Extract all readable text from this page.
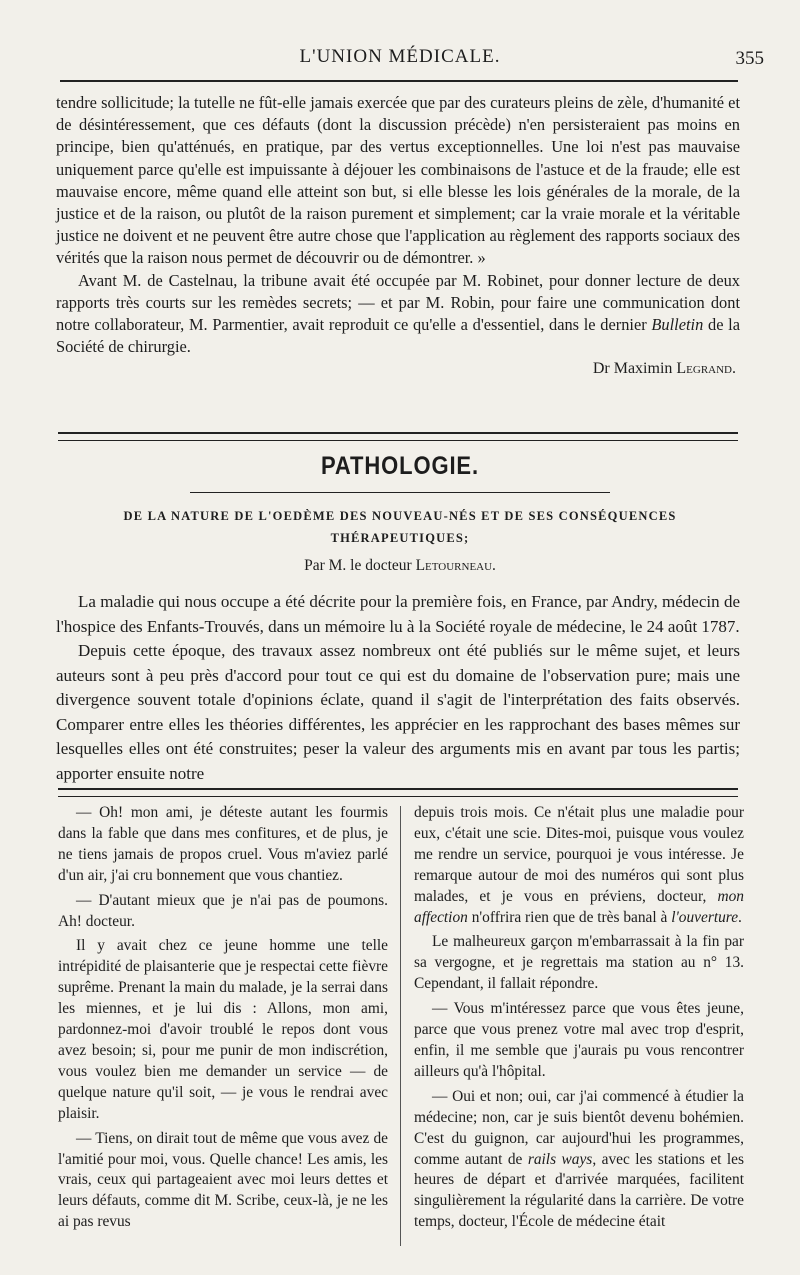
L'UNION MÉDICALE.	355

tendre sollicitude; la tutelle ne fût-elle jamais exercée que par des curateurs pleins de zèle, d'humanité et de désintéressement, que ces défauts (dont la discussion précède) n'en persisteraient pas moins en principe, bien qu'atténués, en pratique, par des vertus exceptionnelles. Une loi n'est pas mauvaise uniquement parce qu'elle est impuissante à déjouer les combinaisons de l'astuce et de la fraude; elle est mauvaise encore, même quand elle atteint son but, si elle blesse les lois générales de la morale, de la justice et de la raison, ou plutôt de la raison purement et simplement; car la vraie morale et la véritable justice ne doivent et ne peuvent être autre chose que l'application au règlement des rapports sociaux des vérités que la raison nous permet de découvrir ou de démontrer. »

Avant M. de Castelnau, la tribune avait été occupée par M. Robinet, pour donner lecture de deux rapports très courts sur les remèdes secrets; — et par M. Robin, pour faire une communication dont notre collaborateur, M. Parmentier, avait reproduit ce qu'elle a d'essentiel, dans le dernier Bulletin de la Société de chirurgie.

Dr Maximin Legrand.
PATHOLOGIE.
DE LA NATURE DE L'OEDÈME DES NOUVEAU-NÉS ET DE SES CONSÉQUENCES
THÉRAPEUTIQUES;
Par M. le docteur Letourneau.

La maladie qui nous occupe a été décrite pour la première fois, en France, par Andry, médecin de l'hospice des Enfants-Trouvés, dans un mémoire lu à la Société royale de médecine, le 24 août 1787.

Depuis cette époque, des travaux assez nombreux ont été publiés sur le même sujet, et leurs auteurs sont à peu près d'accord pour tout ce qui est du domaine de l'observation pure; mais une divergence souvent totale d'opinions éclate, quand il s'agit de l'interprétation des faits observés. Comparer entre elles les théories différentes, les apprécier en les rapprochant des bases mêmes sur lesquelles elles ont été construites; peser la valeur des arguments mis en avant par tous les partis; apporter ensuite notre

— Oh! mon ami, je déteste autant les fourmis dans la fable que dans mes confitures, et de plus, je ne tiens jamais de propos cruel. Vous m'aviez parlé d'un air, j'ai cru bonnement que vous chantiez.

— D'autant mieux que je n'ai pas de poumons. Ah! docteur.

Il y avait chez ce jeune homme une telle intrépidité de plaisanterie que je respectai cette fièvre suprême. Prenant la main du malade, je la serrai dans les miennes, et je lui dis : Allons, mon ami, pardonnez-moi d'avoir troublé le repos dont vous avez besoin; si, pour me punir de mon indiscrétion, vous voulez bien me demander un service — de quelque nature qu'il soit, — je vous le rendrai avec plaisir.

— Tiens, on dirait tout de même que vous avez de l'amitié pour moi, vous. Quelle chance! Les amis, les vrais, ceux qui partageaient avec moi leurs dettes et leurs défauts, comme dit M. Scribe, ceux-là, je ne les ai pas revus

depuis trois mois. Ce n'était plus une maladie pour eux, c'était une scie. Dites-moi, puisque vous voulez me rendre un service, pourquoi je vous intéresse. Je remarque autour de moi des numéros qui sont plus malades, et je vous en préviens, docteur, mon affection n'offrira rien que de très banal à l'ouverture.

Le malheureux garçon m'embarrassait à la fin par sa vergogne, et je regrettais ma station au n° 13. Cependant, il fallait répondre.

— Vous m'intéressez parce que vous êtes jeune, parce que vous prenez votre mal avec trop d'esprit, enfin, il me semble que j'aurais pu vous rencontrer ailleurs qu'à l'hôpital.

— Oui et non; oui, car j'ai commencé à étudier la médecine; non, car je suis bientôt devenu bohémien. C'est du guignon, car aujourd'hui les programmes, comme autant de rails ways, avec les stations et les heures de départ et d'arrivée marquées, facilitent singulièrement la régularité dans la carrière. De votre temps, docteur, l'École de médecine était
